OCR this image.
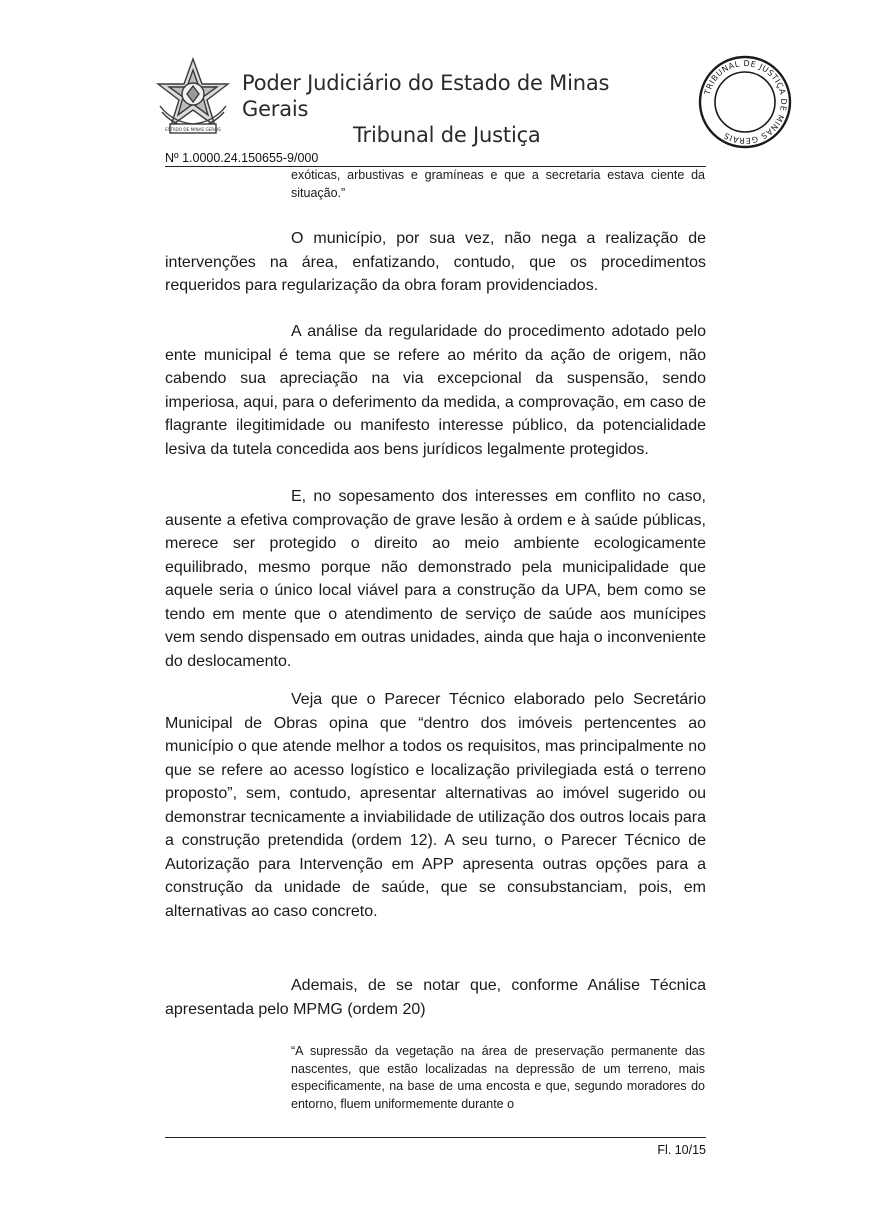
ESTADO DE MINAS GERAIS
Poder Judiciário do Estado de Minas Gerais
Tribunal de Justiça
TRIBUNAL DE JUSTIÇA DE MINAS GERAIS
Nº 1.0000.24.150655-9/000
exóticas, arbustivas e gramíneas e que a secretaria estava ciente da situação.”
O município, por sua vez, não nega a realização de intervenções na área, enfatizando, contudo, que os procedimentos requeridos para regularização da obra foram providenciados.
A análise da regularidade do procedimento adotado pelo ente municipal é tema que se refere ao mérito da ação de origem, não cabendo sua apreciação na via excepcional da suspensão, sendo imperiosa, aqui, para o deferimento da medida, a comprovação, em caso de flagrante ilegitimidade ou manifesto interesse público, da potencialidade lesiva da tutela concedida aos bens jurídicos legalmente protegidos.
E, no sopesamento dos interesses em conflito no caso, ausente a efetiva comprovação de grave lesão à ordem e à saúde públicas, merece ser protegido o direito ao meio ambiente ecologicamente equilibrado, mesmo porque não demonstrado pela municipalidade que aquele seria o único local viável para a construção da UPA, bem como se tendo em mente que o atendimento de serviço de saúde aos munícipes vem sendo dispensado em outras unidades, ainda que haja o inconveniente do deslocamento.
Veja que o Parecer Técnico elaborado pelo Secretário Municipal de Obras opina que “dentro dos imóveis pertencentes ao município o que atende melhor a todos os requisitos, mas principalmente no que se refere ao acesso logístico e localização privilegiada está o terreno proposto”, sem, contudo, apresentar alternativas ao imóvel sugerido ou demonstrar tecnicamente a inviabilidade de utilização dos outros locais para a construção pretendida (ordem 12). A seu turno, o Parecer Técnico de Autorização para Intervenção em APP apresenta outras opções para a construção da unidade de saúde, que se consubstanciam, pois, em alternativas ao caso concreto.
Ademais, de se notar que, conforme Análise Técnica apresentada pelo MPMG (ordem 20)
“A supressão da vegetação na área de preservação permanente das nascentes, que estão localizadas na depressão de um terreno, mais especificamente, na base de uma encosta e que, segundo moradores do entorno, fluem uniformemente durante o
Fl. 10/15
